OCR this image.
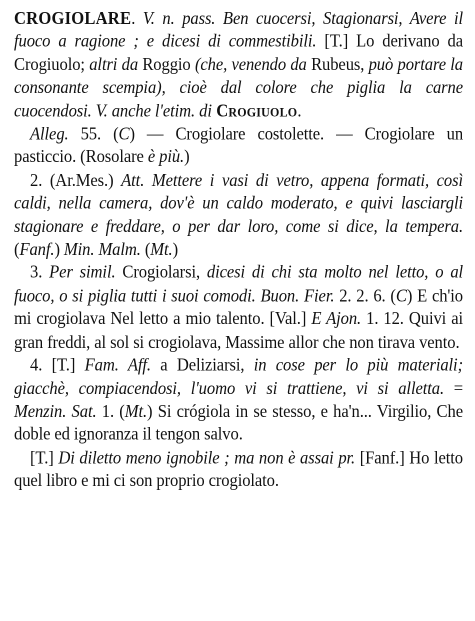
CROGIOLARE. V. n. pass. Ben cuocersi, Stagionarsi, Avere il fuoco a ragione ; e dicesi di commestibili. [T.] Lo derivano da Crogiuolo; altri da Roggio (che, venendo da Rubeus, può portare la consonante scempia), cioè dal colore che piglia la carne cuocendosi. V. anche l'etim. di Crogiuolo.

Alleg. 55. (C) — Crogiolare costolette. — Crogiolare un pasticcio. (Rosolare è più.)

2. (Ar.Mes.) Att. Mettere i vasi di vetro, appena formati, così caldi, nella camera, dov'è un caldo moderato, e quivi lasciargli stagionare e freddare, o per dar loro, come si dice, la tempera. (Fanf.) Min. Malm. (Mt.)

3. Per simil. Crogiolarsi, dicesi di chi sta molto nel letto, o al fuoco, o si piglia tutti i suoi comodi. Buon. Fier. 2. 2. 6. (C) E ch'io mi crogiolava Nel letto a mio talento. [Val.] E Ajon. 1. 12. Quivi ai gran freddi, al sol si crogiolava, Massime allor che non tirava vento.

4. [T.] Fam. Aff. a Deliziarsi, in cose per lo più materiali; giacchè, compiacendosi, l'uomo vi si trattiene, vi si alletta. = Menzin. Sat. 1. (Mt.) Si crógiola in se stesso, e ha'n... Virgilio, Che doble ed ignoranza il tengon salvo.

[T.] Di diletto meno ignobile ; ma non è assai pr. [Fanf.] Ho letto quel libro e mi ci son proprio crogiolato.
